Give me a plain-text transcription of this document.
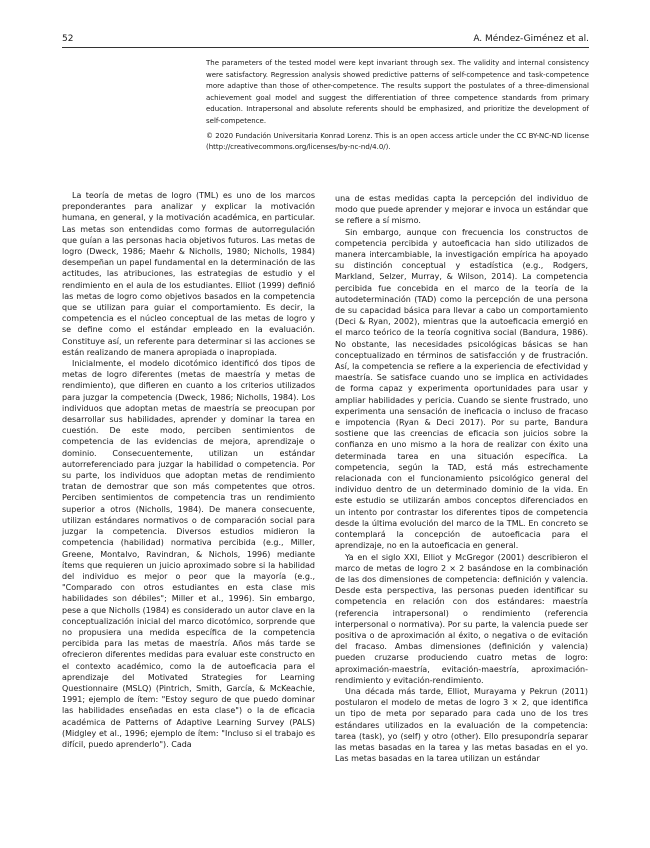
52	A. Méndez-Giménez et al.

The parameters of the tested model were kept invariant through sex. The validity and internal consistency were satisfactory. Regression analysis showed predictive patterns of self-competence and task-competence more adaptive than those of other-competence. The results support the postulates of a three-dimensional achievement goal model and suggest the differentiation of three competence standards from primary education. Intrapersonal and absolute referents should be emphasized, and prioritize the development of self-competence.

© 2020 Fundación Universitaria Konrad Lorenz. This is an open access article under the CC BY-NC-ND license (http://creativecommons.org/licenses/by-nc-nd/4.0/).

La teoría de metas de logro (TML) es uno de los marcos preponderantes para analizar y explicar la motivación humana, en general, y la motivación académica, en particular. Las metas son entendidas como formas de autorregulación que guían a las personas hacia objetivos futuros. Las metas de logro (Dweck, 1986; Maehr & Nicholls, 1980; Nicholls, 1984) desempeñan un papel fundamental en la determinación de las actitudes, las atribuciones, las estrategias de estudio y el rendimiento en el aula de los estudiantes. Elliot (1999) definió las metas de logro como objetivos basados en la competencia que se utilizan para guiar el comportamiento. Es decir, la competencia es el núcleo conceptual de las metas de logro y se define como el estándar empleado en la evaluación. Constituye así, un referente para determinar si las acciones se están realizando de manera apropiada o inapropiada.

Inicialmente, el modelo dicotómico identificó dos tipos de metas de logro diferentes (metas de maestría y metas de rendimiento), que difieren en cuanto a los criterios utilizados para juzgar la competencia (Dweck, 1986; Nicholls, 1984). Los individuos que adoptan metas de maestría se preocupan por desarrollar sus habilidades, aprender y dominar la tarea en cuestión. De este modo, perciben sentimientos de competencia de las evidencias de mejora, aprendizaje o dominio. Consecuentemente, utilizan un estándar autorreferenciado para juzgar la habilidad o competencia. Por su parte, los individuos que adoptan metas de rendimiento tratan de demostrar que son más competentes que otros. Perciben sentimientos de competencia tras un rendimiento superior a otros (Nicholls, 1984). De manera consecuente, utilizan estándares normativos o de comparación social para juzgar la competencia. Diversos estudios midieron la competencia (habilidad) normativa percibida (e.g., Miller, Greene, Montalvo, Ravindran, & Nichols, 1996) mediante ítems que requieren un juicio aproximado sobre si la habilidad del individuo es mejor o peor que la mayoría (e.g., "Comparado con otros estudiantes en esta clase mis habilidades son débiles"; Miller et al., 1996). Sin embargo, pese a que Nicholls (1984) es considerado un autor clave en la conceptualización inicial del marco dicotómico, sorprende que no propusiera una medida específica de la competencia percibida para las metas de maestría. Años más tarde se ofrecieron diferentes medidas para evaluar este constructo en el contexto académico, como la de autoeficacia para el aprendizaje del Motivated Strategies for Learning Questionnaire (MSLQ) (Pintrich, Smith, García, & McKeachie, 1991; ejemplo de ítem: "Estoy seguro de que puedo dominar las habilidades enseñadas en esta clase") o la de eficacia académica de Patterns of Adaptive Learning Survey (PALS) (Midgley et al., 1996; ejemplo de ítem: "Incluso si el trabajo es difícil, puedo aprenderlo"). Cada

una de estas medidas capta la percepción del individuo de modo que puede aprender y mejorar e invoca un estándar que se refiere a sí mismo.

Sin embargo, aunque con frecuencia los constructos de competencia percibida y autoeficacia han sido utilizados de manera intercambiable, la investigación empírica ha apoyado su distinción conceptual y estadística (e.g., Rodgers, Markland, Selzer, Murray, & Wilson, 2014). La competencia percibida fue concebida en el marco de la teoría de la autodeterminación (TAD) como la percepción de una persona de su capacidad básica para llevar a cabo un comportamiento (Deci & Ryan, 2002), mientras que la autoeficacia emergió en el marco teórico de la teoría cognitiva social (Bandura, 1986). No obstante, las necesidades psicológicas básicas se han conceptualizado en términos de satisfacción y de frustración. Así, la competencia se refiere a la experiencia de efectividad y maestría. Se satisface cuando uno se implica en actividades de forma capaz y experimenta oportunidades para usar y ampliar habilidades y pericia. Cuando se siente frustrado, uno experimenta una sensación de ineficacia o incluso de fracaso e impotencia (Ryan & Deci 2017). Por su parte, Bandura sostiene que las creencias de eficacia son juicios sobre la confianza en uno mismo a la hora de realizar con éxito una determinada tarea en una situación específica. La competencia, según la TAD, está más estrechamente relacionada con el funcionamiento psicológico general del individuo dentro de un determinado dominio de la vida. En este estudio se utilizarán ambos conceptos diferenciados en un intento por contrastar los diferentes tipos de competencia desde la última evolución del marco de la TML. En concreto se contemplará la concepción de autoeficacia para el aprendizaje, no en la autoeficacia en general.

Ya en el siglo XXI, Elliot y McGregor (2001) describieron el marco de metas de logro 2 × 2 basándose en la combinación de las dos dimensiones de competencia: definición y valencia. Desde esta perspectiva, las personas pueden identificar su competencia en relación con dos estándares: maestría (referencia intrapersonal) o rendimiento (referencia interpersonal o normativa). Por su parte, la valencia puede ser positiva o de aproximación al éxito, o negativa o de evitación del fracaso. Ambas dimensiones (definición y valencia) pueden cruzarse produciendo cuatro metas de logro: aproximación-maestría, evitación-maestría, aproximación-rendimiento y evitación-rendimiento.

Una década más tarde, Elliot, Murayama y Pekrun (2011) postularon el modelo de metas de logro 3 × 2, que identifica un tipo de meta por separado para cada uno de los tres estándares utilizados en la evaluación de la competencia: tarea (task), yo (self) y otro (other). Ello presupondría separar las metas basadas en la tarea y las metas basadas en el yo. Las metas basadas en la tarea utilizan un estándar
